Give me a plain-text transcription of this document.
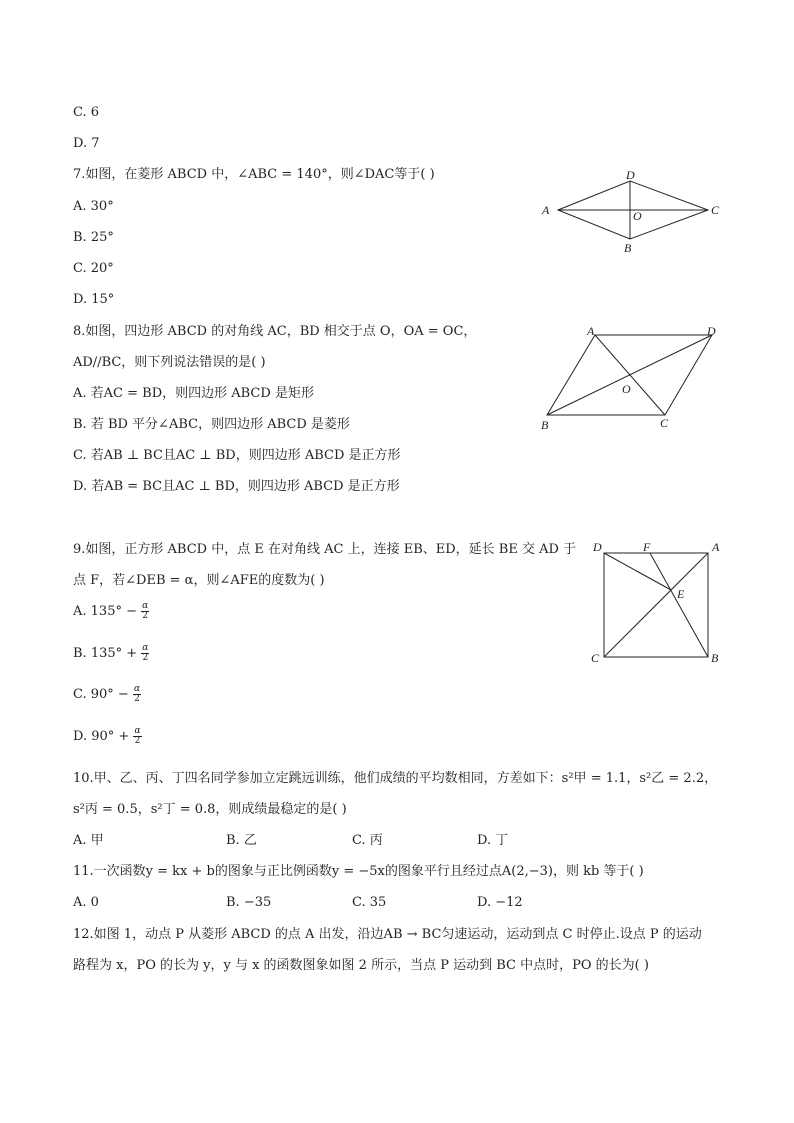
C. 6
D. 7
7.如图，在菱形 ABCD 中，∠ABC = 140°，则∠DAC等于( )
A. 30°
B. 25°
C. 20°
D. 15°
D
A	C
O
B
8.如图，四边形 ABCD 的对角线 AC，BD 相交于点 O，OA = OC，
AD//BC，则下列说法错误的是( )
A. 若AC = BD，则四边形 ABCD 是矩形
B. 若 BD 平分∠ABC，则四边形 ABCD 是菱形
C. 若AB ⊥ BC且AC ⊥ BD，则四边形 ABCD 是正方形
D. 若AB = BC且AC ⊥ BD，则四边形 ABCD 是正方形
A	D
O
B	C
9.如图，正方形 ABCD 中，点 E 在对角线 AC 上，连接 EB、ED，延长 BE 交 AD 于
点 F，若∠DEB = α，则∠AFE的度数为( )
A. $135^\circ - \frac{\alpha}{2}$
B. $135^\circ + \frac{\alpha}{2}$
C. $90^\circ - \frac{\alpha}{2}$
D. $90^\circ + \frac{\alpha}{2}$
D	F	A
E
C	B
10.甲、乙、丙、丁四名同学参加立定跳远训练，他们成绩的平均数相同，方差如下：s²甲 = 1.1，s²乙 = 2.2，
s²丙 = 0.5，s²丁 = 0.8，则成绩最稳定的是( )
A. 甲	B. 乙	C. 丙	D. 丁
11.一次函数y = kx + b的图象与正比例函数y = −5x的图象平行且经过点A(2,−3)，则 kb 等于( )
A. 0	B. −35	C. 35	D. −12
12.如图 1，动点 P 从菱形 ABCD 的点 A 出发，沿边AB → BC匀速运动，运动到点 C 时停止.设点 P 的运动
路程为 x，PO 的长为 y，y 与 x 的函数图象如图 2 所示，当点 P 运动到 BC 中点时，PO 的长为( )
